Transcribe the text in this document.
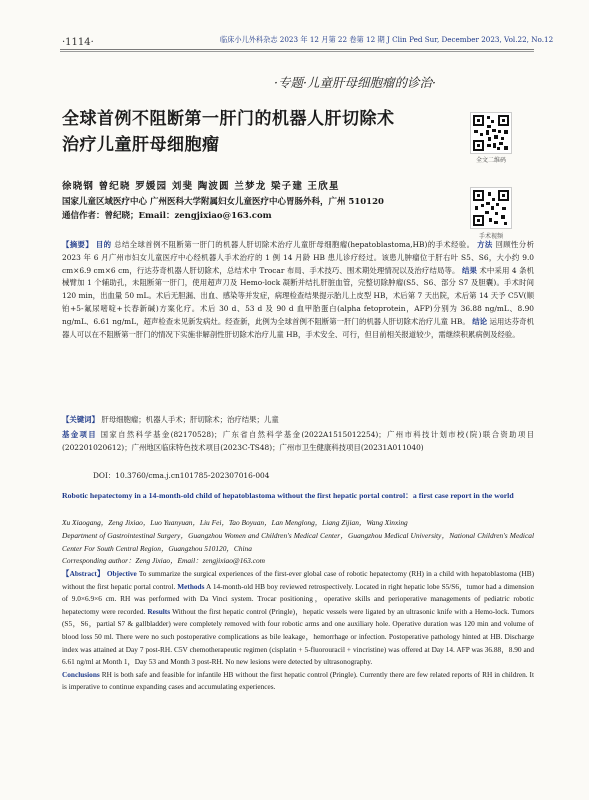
·1114·	临床小儿外科杂志 2023 年 12 月第 22 卷第 12 期 J Clin Ped Sur, December 2023, Vol.22, No.12
·专题·儿童肝母细胞瘤的诊治·
全球首例不阻断第一肝门的机器人肝切除术
治疗儿童肝母细胞瘤
全文二维码
手术视频
徐晓钢 曾纪晓 罗媛园 刘斐 陶波圆 兰梦龙 梁子建 王欣星
国家儿童区域医疗中心 广州医科大学附属妇女儿童医疗中心胃肠外科，广州 510120
通信作者：曾纪晓；Email：zengjixiao@163.com
【摘要】 目的 总结全球首例不阻断第一肝门的机器人肝切除术治疗儿童肝母细胞瘤(hepatoblastoma,HB)的手术经验。 方法 回顾性分析 2023 年 6 月广州市妇女儿童医疗中心经机器人手术治疗的 1 例 14 月龄 HB 患儿诊疗经过。该患儿肿瘤位于肝右叶 S5、S6，大小约 9.0 cm×6.9 cm×6 cm，行达芬奇机器人肝切除术，总结术中 Trocar 布局、手术技巧、围术期处理情况以及治疗结局等。 结果 术中采用 4 条机械臂加 1 个辅助孔，未阻断第一肝门，使用超声刀及 Hemo-lock 凝断并结扎肝脏血管，完整切除肿瘤(S5、S6、部分 S7 及胆囊)。手术时间 120 min，出血量 50 mL。术后无胆漏、出血、感染等并发症，病理检查结果提示胎儿上皮型 HB，术后第 7 天出院，术后第 14 天予 C5V(顺铂+5-氟尿嘧啶+长春新碱)方案化疗。术后 30 d、53 d 及 90 d 血甲胎蛋白(alpha fetoprotein，AFP)分别为 36.88 ng/mL、8.90 ng/mL、6.61 ng/mL，超声检查未见新发病灶。经查新，此例为全球首例不阻断第一肝门的机器人肝切除术治疗儿童 HB。 结论 运用达芬奇机器人可以在不阻断第一肝门的情况下实施非解剖性肝切除术治疗儿童 HB，手术安全、可行，但目前相关报道较少，需继续积累病例及经验。
【关键词】 肝母细胞瘤；机器人手术；肝切除术；治疗结果；儿童
基金项目 国家自然科学基金(82170528)；广东省自然科学基金(2022A1515012254)；广州市科技计划市校(院)联合资助项目(202201020612)；广州地区临床特色技术项目(2023C-TS48)；广州市卫生健康科技项目(20231A011040)
DOI：10.3760/cma.j.cn101785-202307016-004
Robotic hepatectomy in a 14-month-old child of hepatoblastoma without the first hepatic portal control：a first case report in the world
Xu Xiaogang，Zeng Jixiao，Luo Yuanyuan，Liu Fei，Tao Boyuan，Lan Menglong，Liang Zijian，Wang Xinxing
Department of Gastrointestinal Surgery，Guangzhou Women and Children's Medical Center，Guangzhou Medical University，National Children's Medical Center For South Central Region，Guangzhou 510120，China
Corresponding author：Zeng Jixiao，Email：zengjixiao@163.com
【Abstract】 Objective To summarize the surgical experiences of the first-ever global case of robotic hepatectomy (RH) in a child with hepatoblastoma (HB) without the first hepatic portal control. Methods A 14-month-old HB boy reviewed retrospectively. Located in right hepatic lobe S5/S6，tumor had a dimension of 9.0×6.9×6 cm. RH was performed with Da Vinci system. Trocar positioning，operative skills and perioperative managements of pediatric robotic hepatectomy were recorded. Results Without the first hepatic control (Pringle)，hepatic vessels were ligated by an ultrasonic knife with a Hemo-lock. Tumors (S5，S6，partial S7 & gallbladder) were completely removed with four robotic arms and one auxiliary hole. Operative duration was 120 min and volume of blood loss 50 ml. There were no such postoperative complications as bile leakage，hemorrhage or infection. Postoperative pathology hinted at HB. Discharge index was attained at Day 7 post-RH. C5V chemotherapeutic regimen (cisplatin + 5-fluorouracil + vincristine) was offered at Day 14. AFP was 36.88，8.90 and 6.61 ng/ml at Month 1，Day 53 and Month 3 post-RH. No new lesions were detected by ultrasonography.
Conclusions RH is both safe and feasible for infantile HB without the first hepatic control (Pringle). Currently there are few related reports of RH in children. It is imperative to continue expanding cases and accumulating experiences.
